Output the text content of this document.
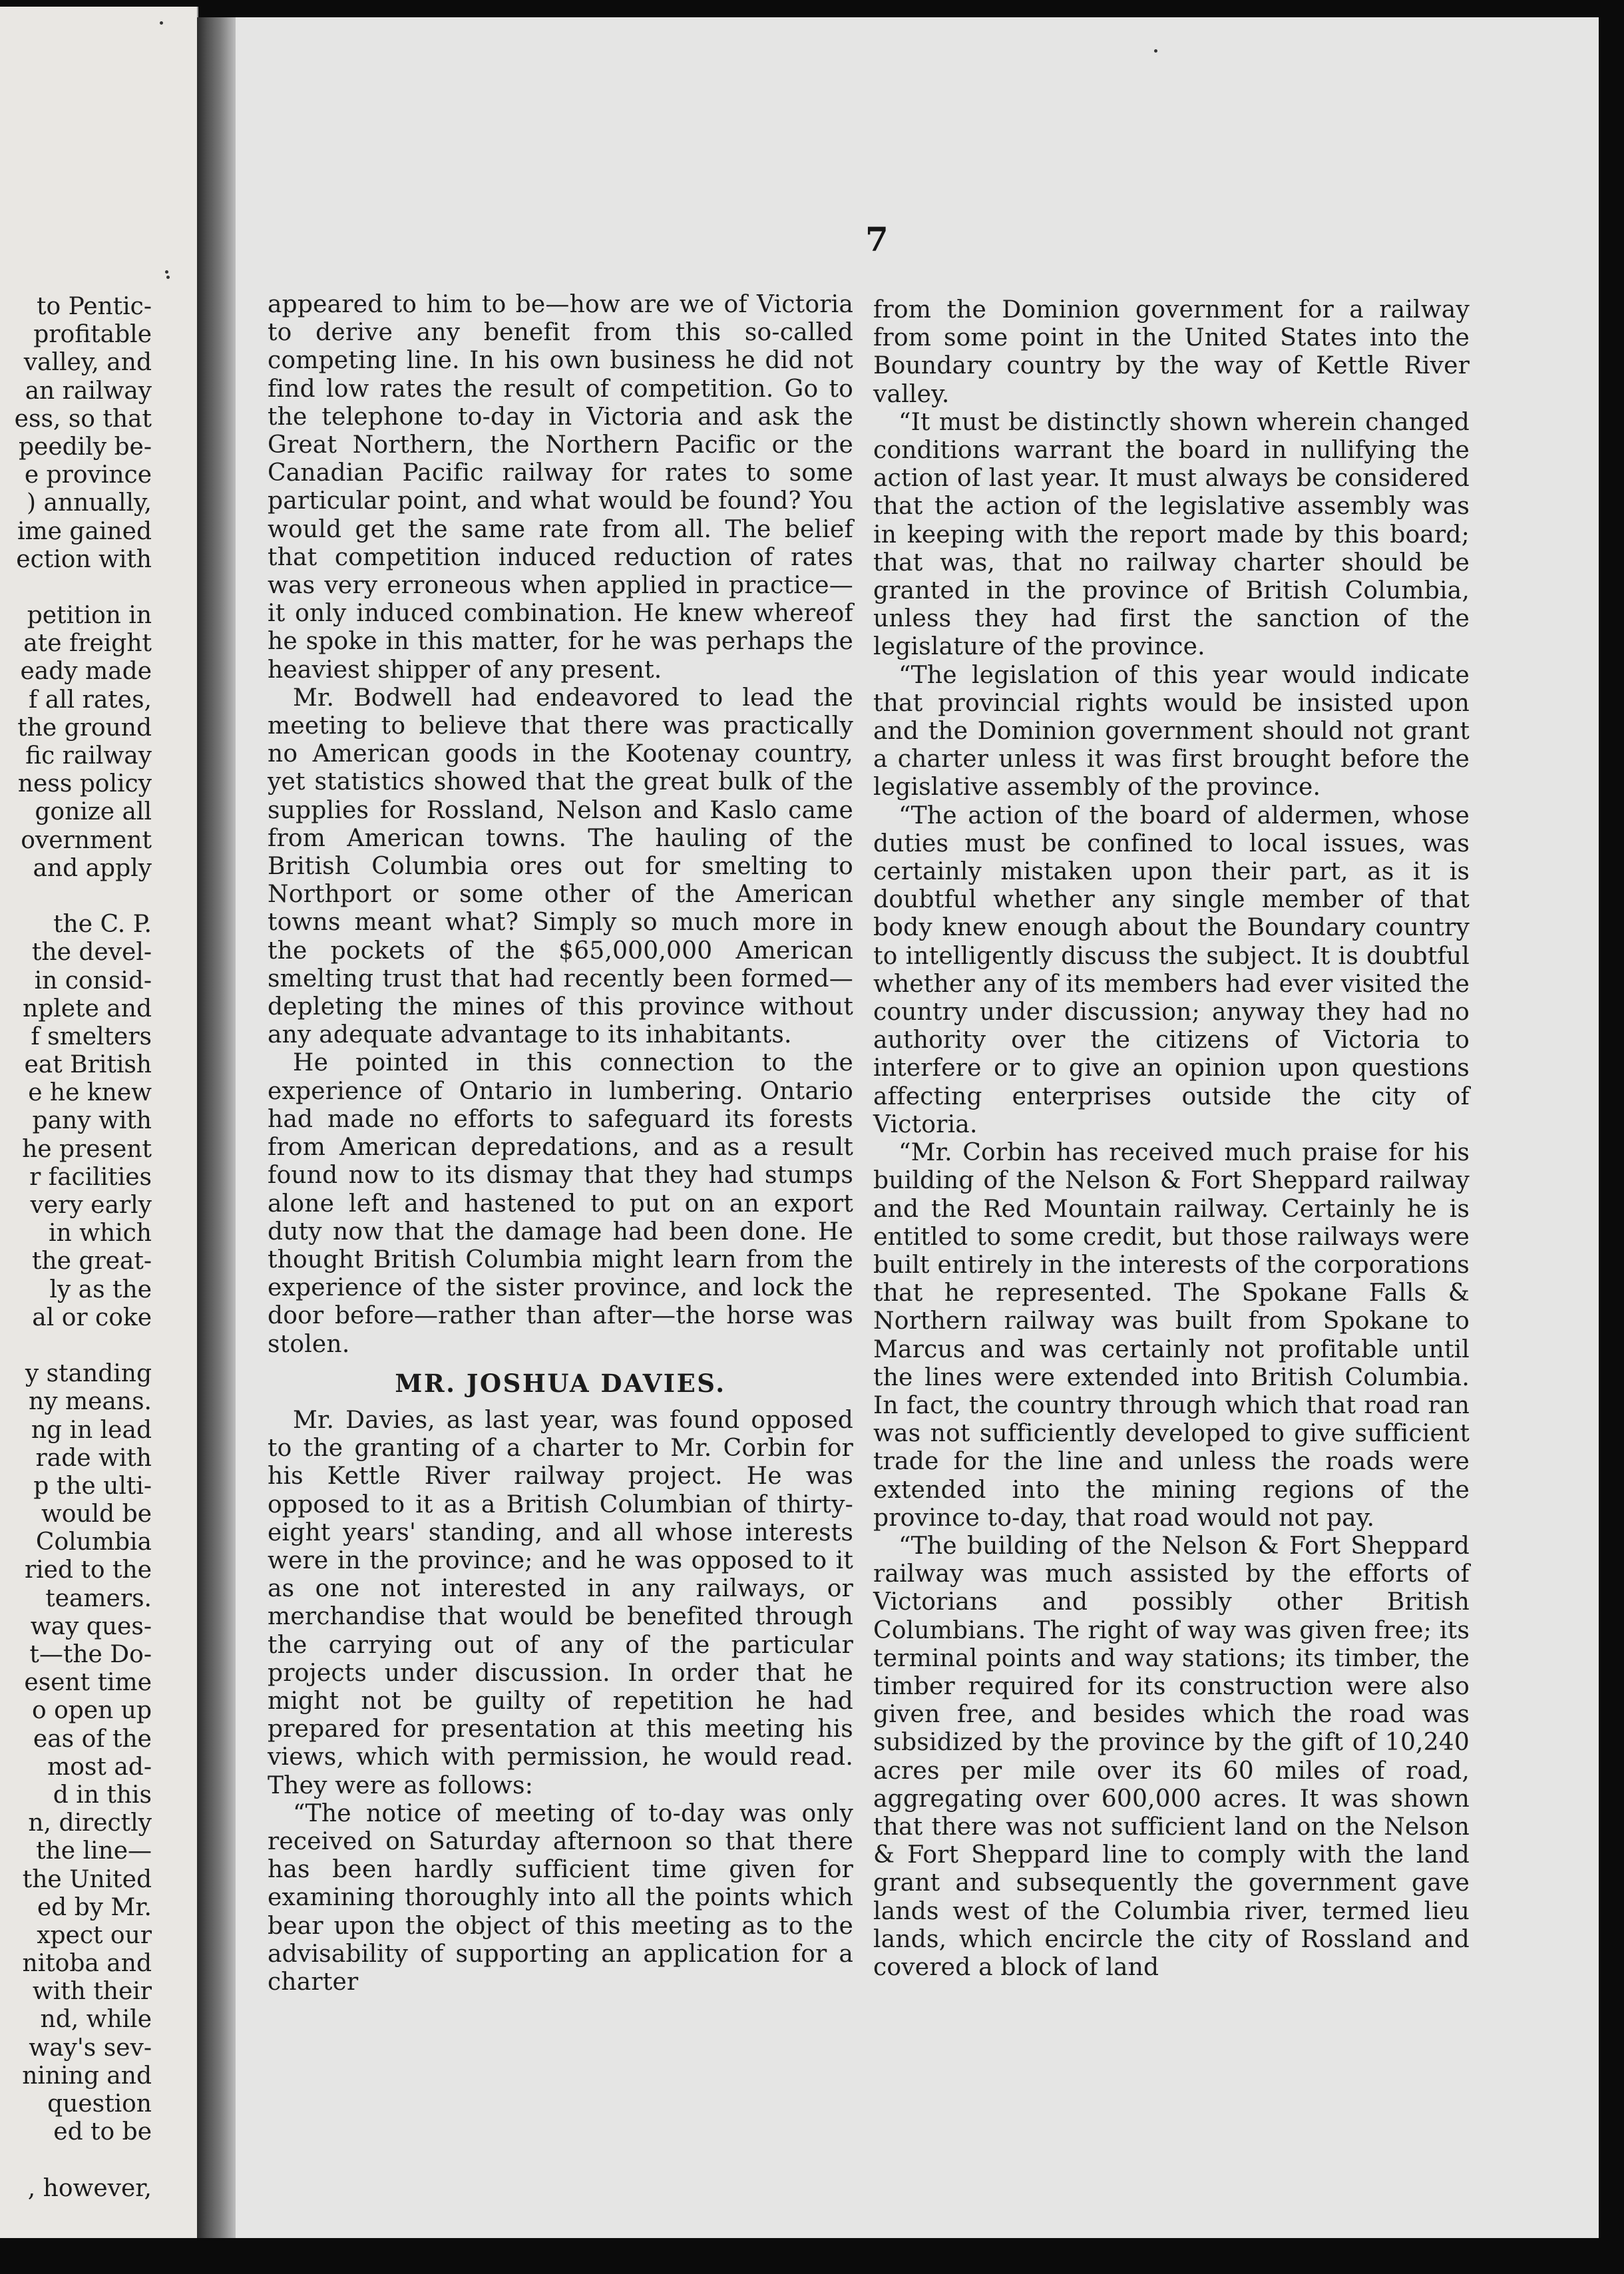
to Pentic-
profitable
valley, and
an railway
ess, so that
peedily be-
e province
) annually,
ime gained
ection with
petition in
ate freight
eady made
f all rates,
the ground
fic railway
ness policy
gonize all
overnment
and apply
the C. P.
the devel-
in consid-
nplete and
f smelters
eat British
e he knew
pany with
he present
r facilities
very early
in which
the great-
ly as the
al or coke
y standing
ny means.
ng in lead
rade with
p the ulti-
would be
Columbia
ried to the
teamers.
way ques-
t—the Do-
esent time
o open up
eas of the
most ad-
d in this
n, directly
the line—
the United
ed by Mr.
xpect our
nitoba and
with their
nd, while
way's sev-
nining and
question
ed to be
, however,
7

appeared to him to be—how are we of Victoria to derive any benefit from this so-called competing line. In his own business he did not find low rates the result of competition. Go to the telephone to-day in Victoria and ask the Great Northern, the Northern Pacific or the Canadian Pacific railway for rates to some particular point, and what would be found? You would get the same rate from all. The belief that competition induced reduction of rates was very erroneous when applied in practice—it only induced combination. He knew whereof he spoke in this matter, for he was perhaps the heaviest shipper of any present.

Mr. Bodwell had endeavored to lead the meeting to believe that there was practically no American goods in the Kootenay country, yet statistics showed that the great bulk of the supplies for Rossland, Nelson and Kaslo came from American towns. The hauling of the British Columbia ores out for smelting to Northport or some other of the American towns meant what? Simply so much more in the pockets of the $65,000,000 American smelting trust that had recently been formed—depleting the mines of this province without any adequate advantage to its inhabitants.

He pointed in this connection to the experience of Ontario in lumbering. Ontario had made no efforts to safeguard its forests from American depredations, and as a result found now to its dismay that they had stumps alone left and hastened to put on an export duty now that the damage had been done. He thought British Columbia might learn from the experience of the sister province, and lock the door before—rather than after—the horse was stolen.

MR. JOSHUA DAVIES.

Mr. Davies, as last year, was found opposed to the granting of a charter to Mr. Corbin for his Kettle River railway project. He was opposed to it as a British Columbian of thirty-eight years' standing, and all whose interests were in the province; and he was opposed to it as one not interested in any railways, or merchandise that would be benefited through the carrying out of any of the particular projects under discussion. In order that he might not be guilty of repetition he had prepared for presentation at this meeting his views, which with permission, he would read. They were as follows:

“The notice of meeting of to-day was only received on Saturday afternoon so that there has been hardly sufficient time given for examining thoroughly into all the points which bear upon the object of this meeting as to the advisability of supporting an application for a charter

from the Dominion government for a railway from some point in the United States into the Boundary country by the way of Kettle River valley.

“It must be distinctly shown wherein changed conditions warrant the board in nullifying the action of last year. It must always be considered that the action of the legislative assembly was in keeping with the report made by this board; that was, that no railway charter should be granted in the province of British Columbia, unless they had first the sanction of the legislature of the province.

“The legislation of this year would indicate that provincial rights would be insisted upon and the Dominion government should not grant a charter unless it was first brought before the legislative assembly of the province.

“The action of the board of aldermen, whose duties must be confined to local issues, was certainly mistaken upon their part, as it is doubtful whether any single member of that body knew enough about the Boundary country to intelligently discuss the subject. It is doubtful whether any of its members had ever visited the country under discussion; anyway they had no authority over the citizens of Victoria to interfere or to give an opinion upon questions affecting enterprises outside the city of Victoria.

“Mr. Corbin has received much praise for his building of the Nelson & Fort Sheppard railway and the Red Mountain railway. Certainly he is entitled to some credit, but those railways were built entirely in the interests of the corporations that he represented. The Spokane Falls & Northern railway was built from Spokane to Marcus and was certainly not profitable until the lines were extended into British Columbia. In fact, the country through which that road ran was not sufficiently developed to give sufficient trade for the line and unless the roads were extended into the mining regions of the province to-day, that road would not pay.

“The building of the Nelson & Fort Sheppard railway was much assisted by the efforts of Victorians and possibly other British Columbians. The right of way was given free; its terminal points and way stations; its timber, the timber required for its construction were also given free, and besides which the road was subsidized by the province by the gift of 10,240 acres per mile over its 60 miles of road, aggregating over 600,000 acres. It was shown that there was not sufficient land on the Nelson & Fort Sheppard line to comply with the land grant and subsequently the government gave lands west of the Columbia river, termed lieu lands, which encircle the city of Rossland and covered a block of land
